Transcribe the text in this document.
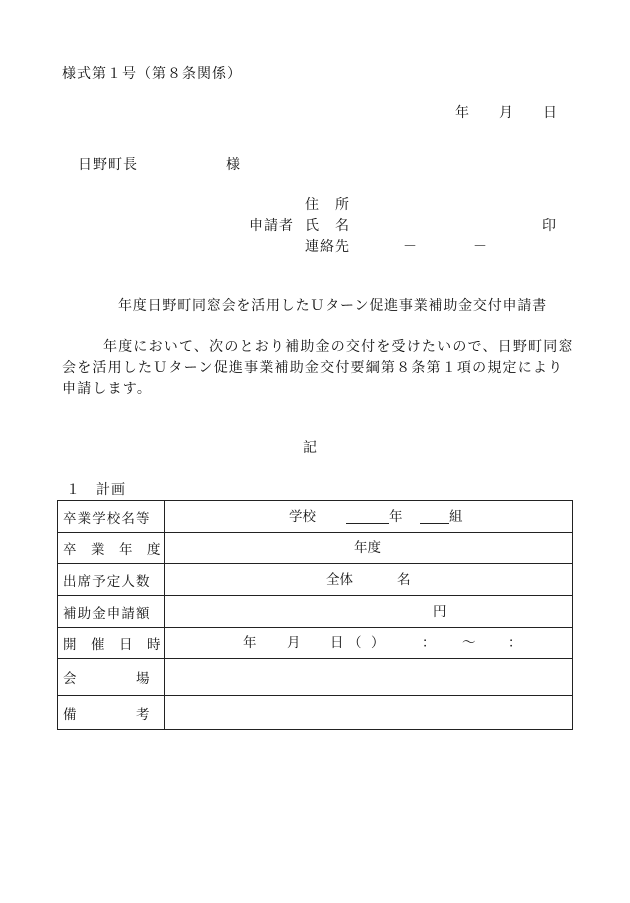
様式第１号（第８条関係）
年 月 日
日野町長	様
住　所
申請者 氏　名	印
連絡先	－	－
年度日野町同窓会を活用したＵターン促進事業補助金交付申請書
年度において、次のとおり補助金の交付を受けたいので、日野町同窓
会を活用したＵターン促進事業補助金交付要綱第８条第１項の規定により
申請します。
記
１　計画
卒業学校名等	学校	年	組
卒　業　年　度	年度
出席予定人数	全体	名
補助金申請額	円
開　催　日　時	年 月 日 （ ）	： ～ ：
会　　　場
備　　　考
